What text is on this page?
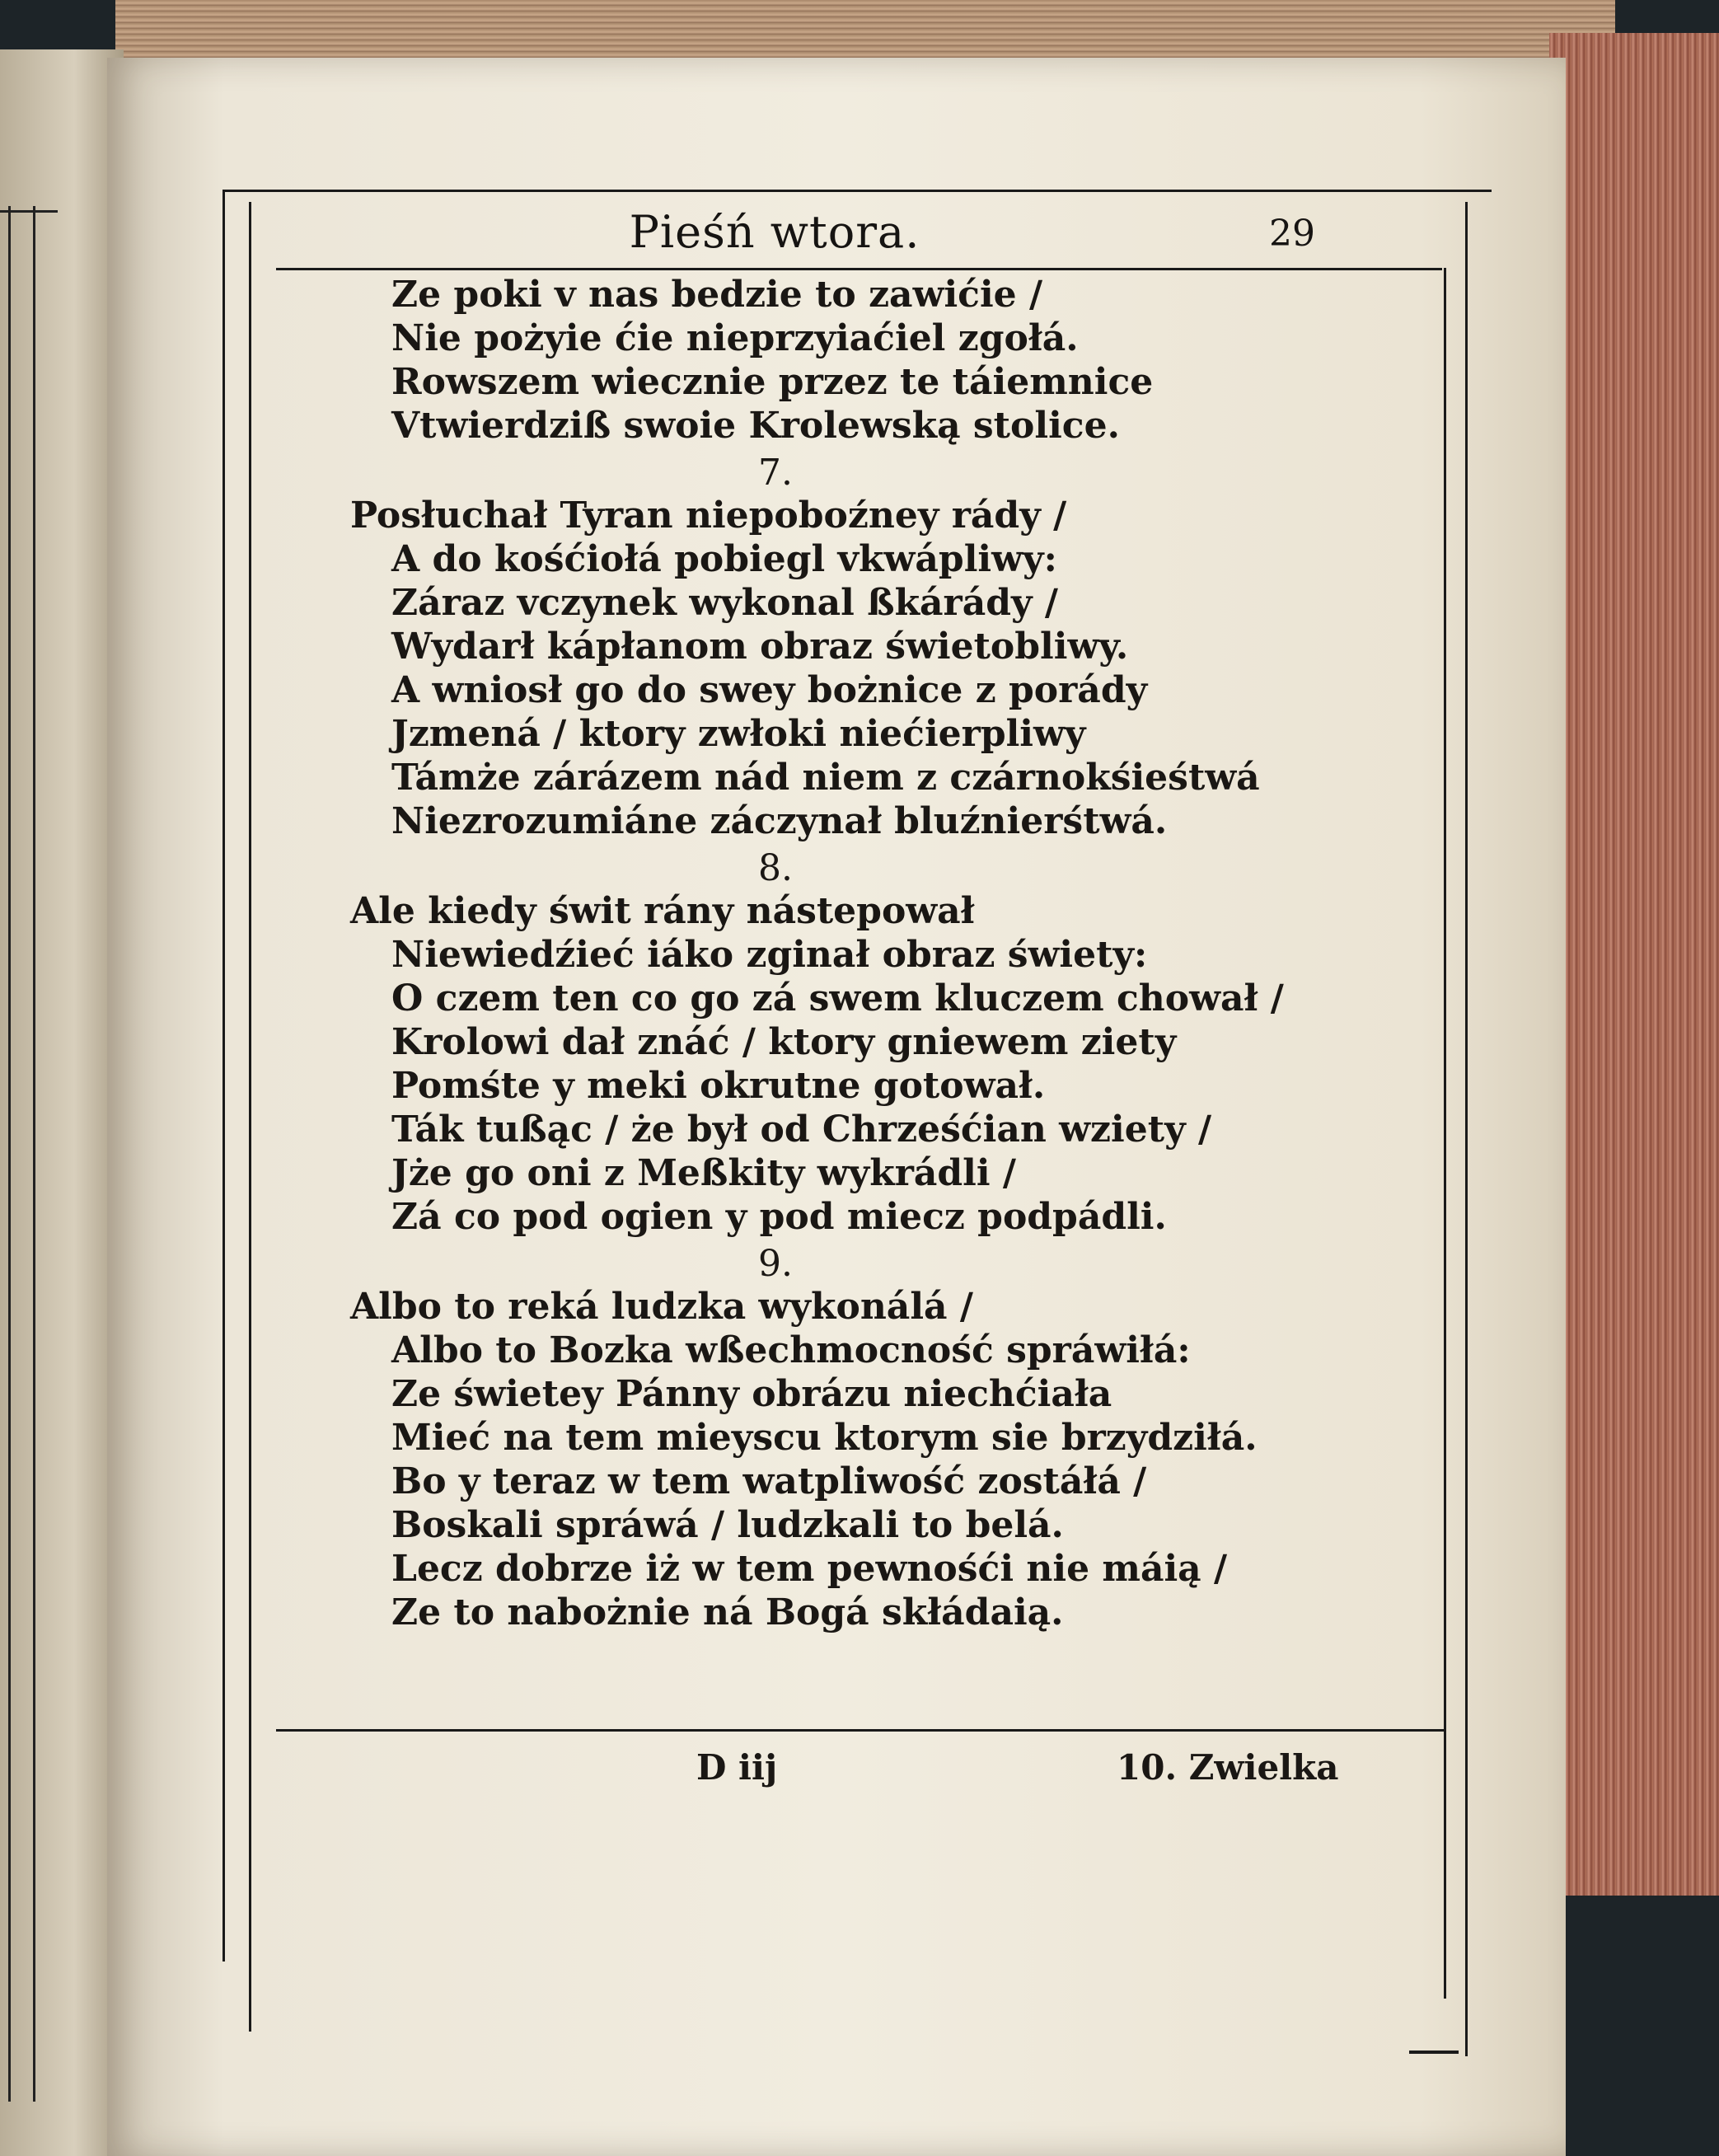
Pieśń wtora.	29
Ze poki v nas bedzie to zawićie /
Nie pożyie ćie nieprzyiaćiel zgołá.
Rowszem wiecznie przez te táiemnice
Vtwierdziß swoie Krolewską stolice.
7.
Posłuchał Tyran niepoboźney rády /
A do kośćiołá pobiegl vkwápliwy:
Záraz vczynek wykonal ßkárády /
Wydarł kápłanom obraz świetobliwy.
A wniosł go do swey bożnice z porády
Jzmená / ktory zwłoki niećierpliwy
Támże zárázem nád niem z czárnokśieśtwá
Niezrozumiáne záczynał bluźnierśtwá.
8.
Ale kiedy świt rány nástepował
Niewiedźieć iáko zginał obraz świety:
O czem ten co go zá swem kluczem chował /
Krolowi dał znáć / ktory gniewem ziety
Pomśte y meki okrutne gotował.
Ták tußąc / że był od Chrześćian wziety /
Jże go oni z Meßkity wykrádli /
Zá co pod ogien y pod miecz podpádli.
9.
Albo to reká ludzka wykonálá /
Albo to Bozka wßechmocność spráwiłá:
Ze świetey Pánny obrázu niechćiała
Mieć na tem mieyscu ktorym sie brzydziłá.
Bo y teraz w tem watpliwość zostáłá /
Boskali spráwá / ludzkali to belá.
Lecz dobrze iż w tem pewnośći nie máią /
Ze to nabożnie ná Bogá skłádaią.
D iij	10. Zwielka
